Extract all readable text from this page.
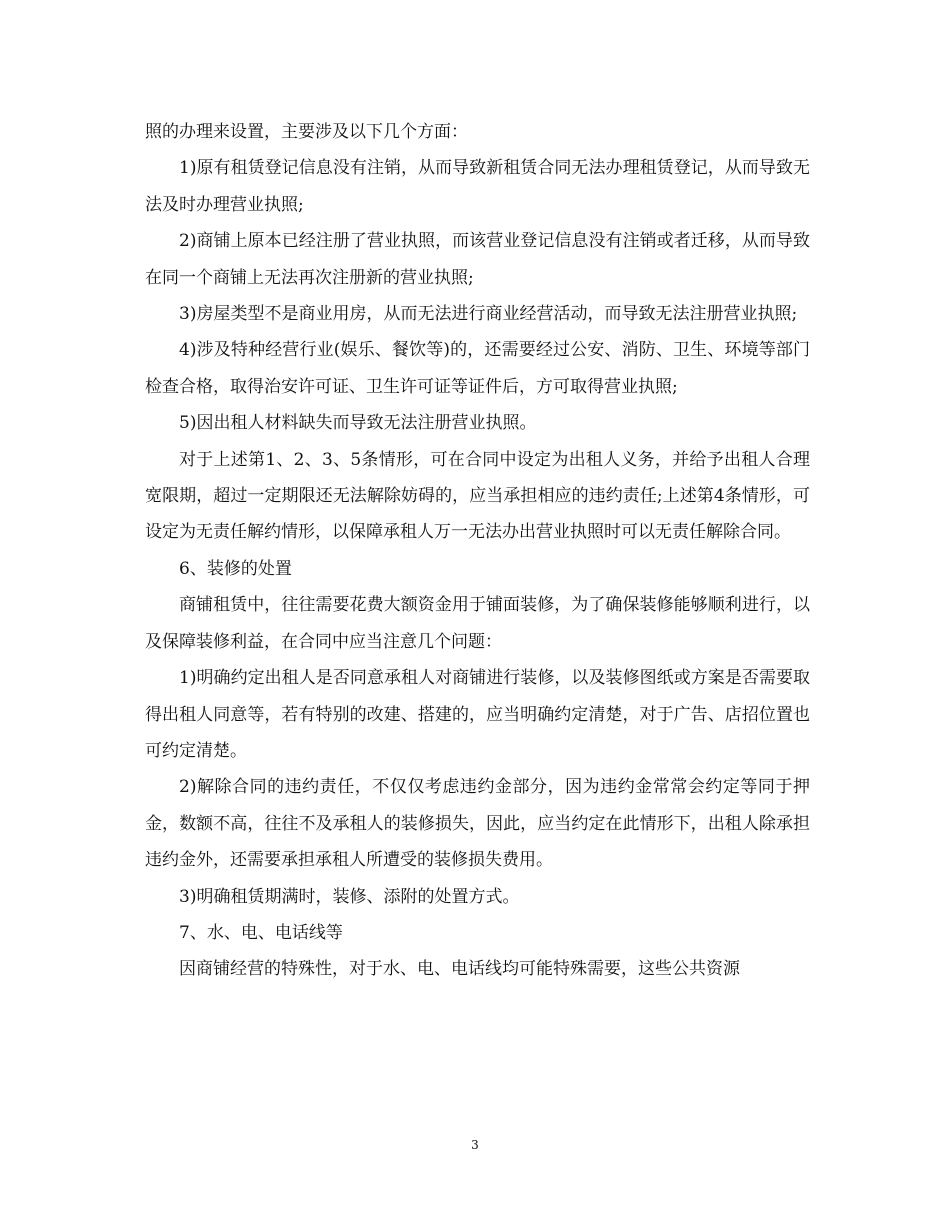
照的办理来设置，主要涉及以下几个方面：

1)原有租赁登记信息没有注销，从而导致新租赁合同无法办理租赁登记，从而导致无法及时办理营业执照;

2)商铺上原本已经注册了营业执照，而该营业登记信息没有注销或者迁移，从而导致在同一个商铺上无法再次注册新的营业执照;

3)房屋类型不是商业用房，从而无法进行商业经营活动，而导致无法注册营业执照;

4)涉及特种经营行业(娱乐、餐饮等)的，还需要经过公安、消防、卫生、环境等部门检查合格，取得治安许可证、卫生许可证等证件后，方可取得营业执照;

5)因出租人材料缺失而导致无法注册营业执照。

对于上述第1、2、3、5条情形，可在合同中设定为出租人义务，并给予出租人合理宽限期，超过一定期限还无法解除妨碍的，应当承担相应的违约责任;上述第4条情形，可设定为无责任解约情形，以保障承租人万一无法办出营业执照时可以无责任解除合同。

6、装修的处置

商铺租赁中，往往需要花费大额资金用于铺面装修，为了确保装修能够顺利进行，以及保障装修利益，在合同中应当注意几个问题：

1)明确约定出租人是否同意承租人对商铺进行装修，以及装修图纸或方案是否需要取得出租人同意等，若有特别的改建、搭建的，应当明确约定清楚，对于广告、店招位置也可约定清楚。

2)解除合同的违约责任，不仅仅考虑违约金部分，因为违约金常常会约定等同于押金，数额不高，往往不及承租人的装修损失，因此，应当约定在此情形下，出租人除承担违约金外，还需要承担承租人所遭受的装修损失费用。

3)明确租赁期满时，装修、添附的处置方式。

7、水、电、电话线等

因商铺经营的特殊性，对于水、电、电话线均可能特殊需要，这些公共资源

3
